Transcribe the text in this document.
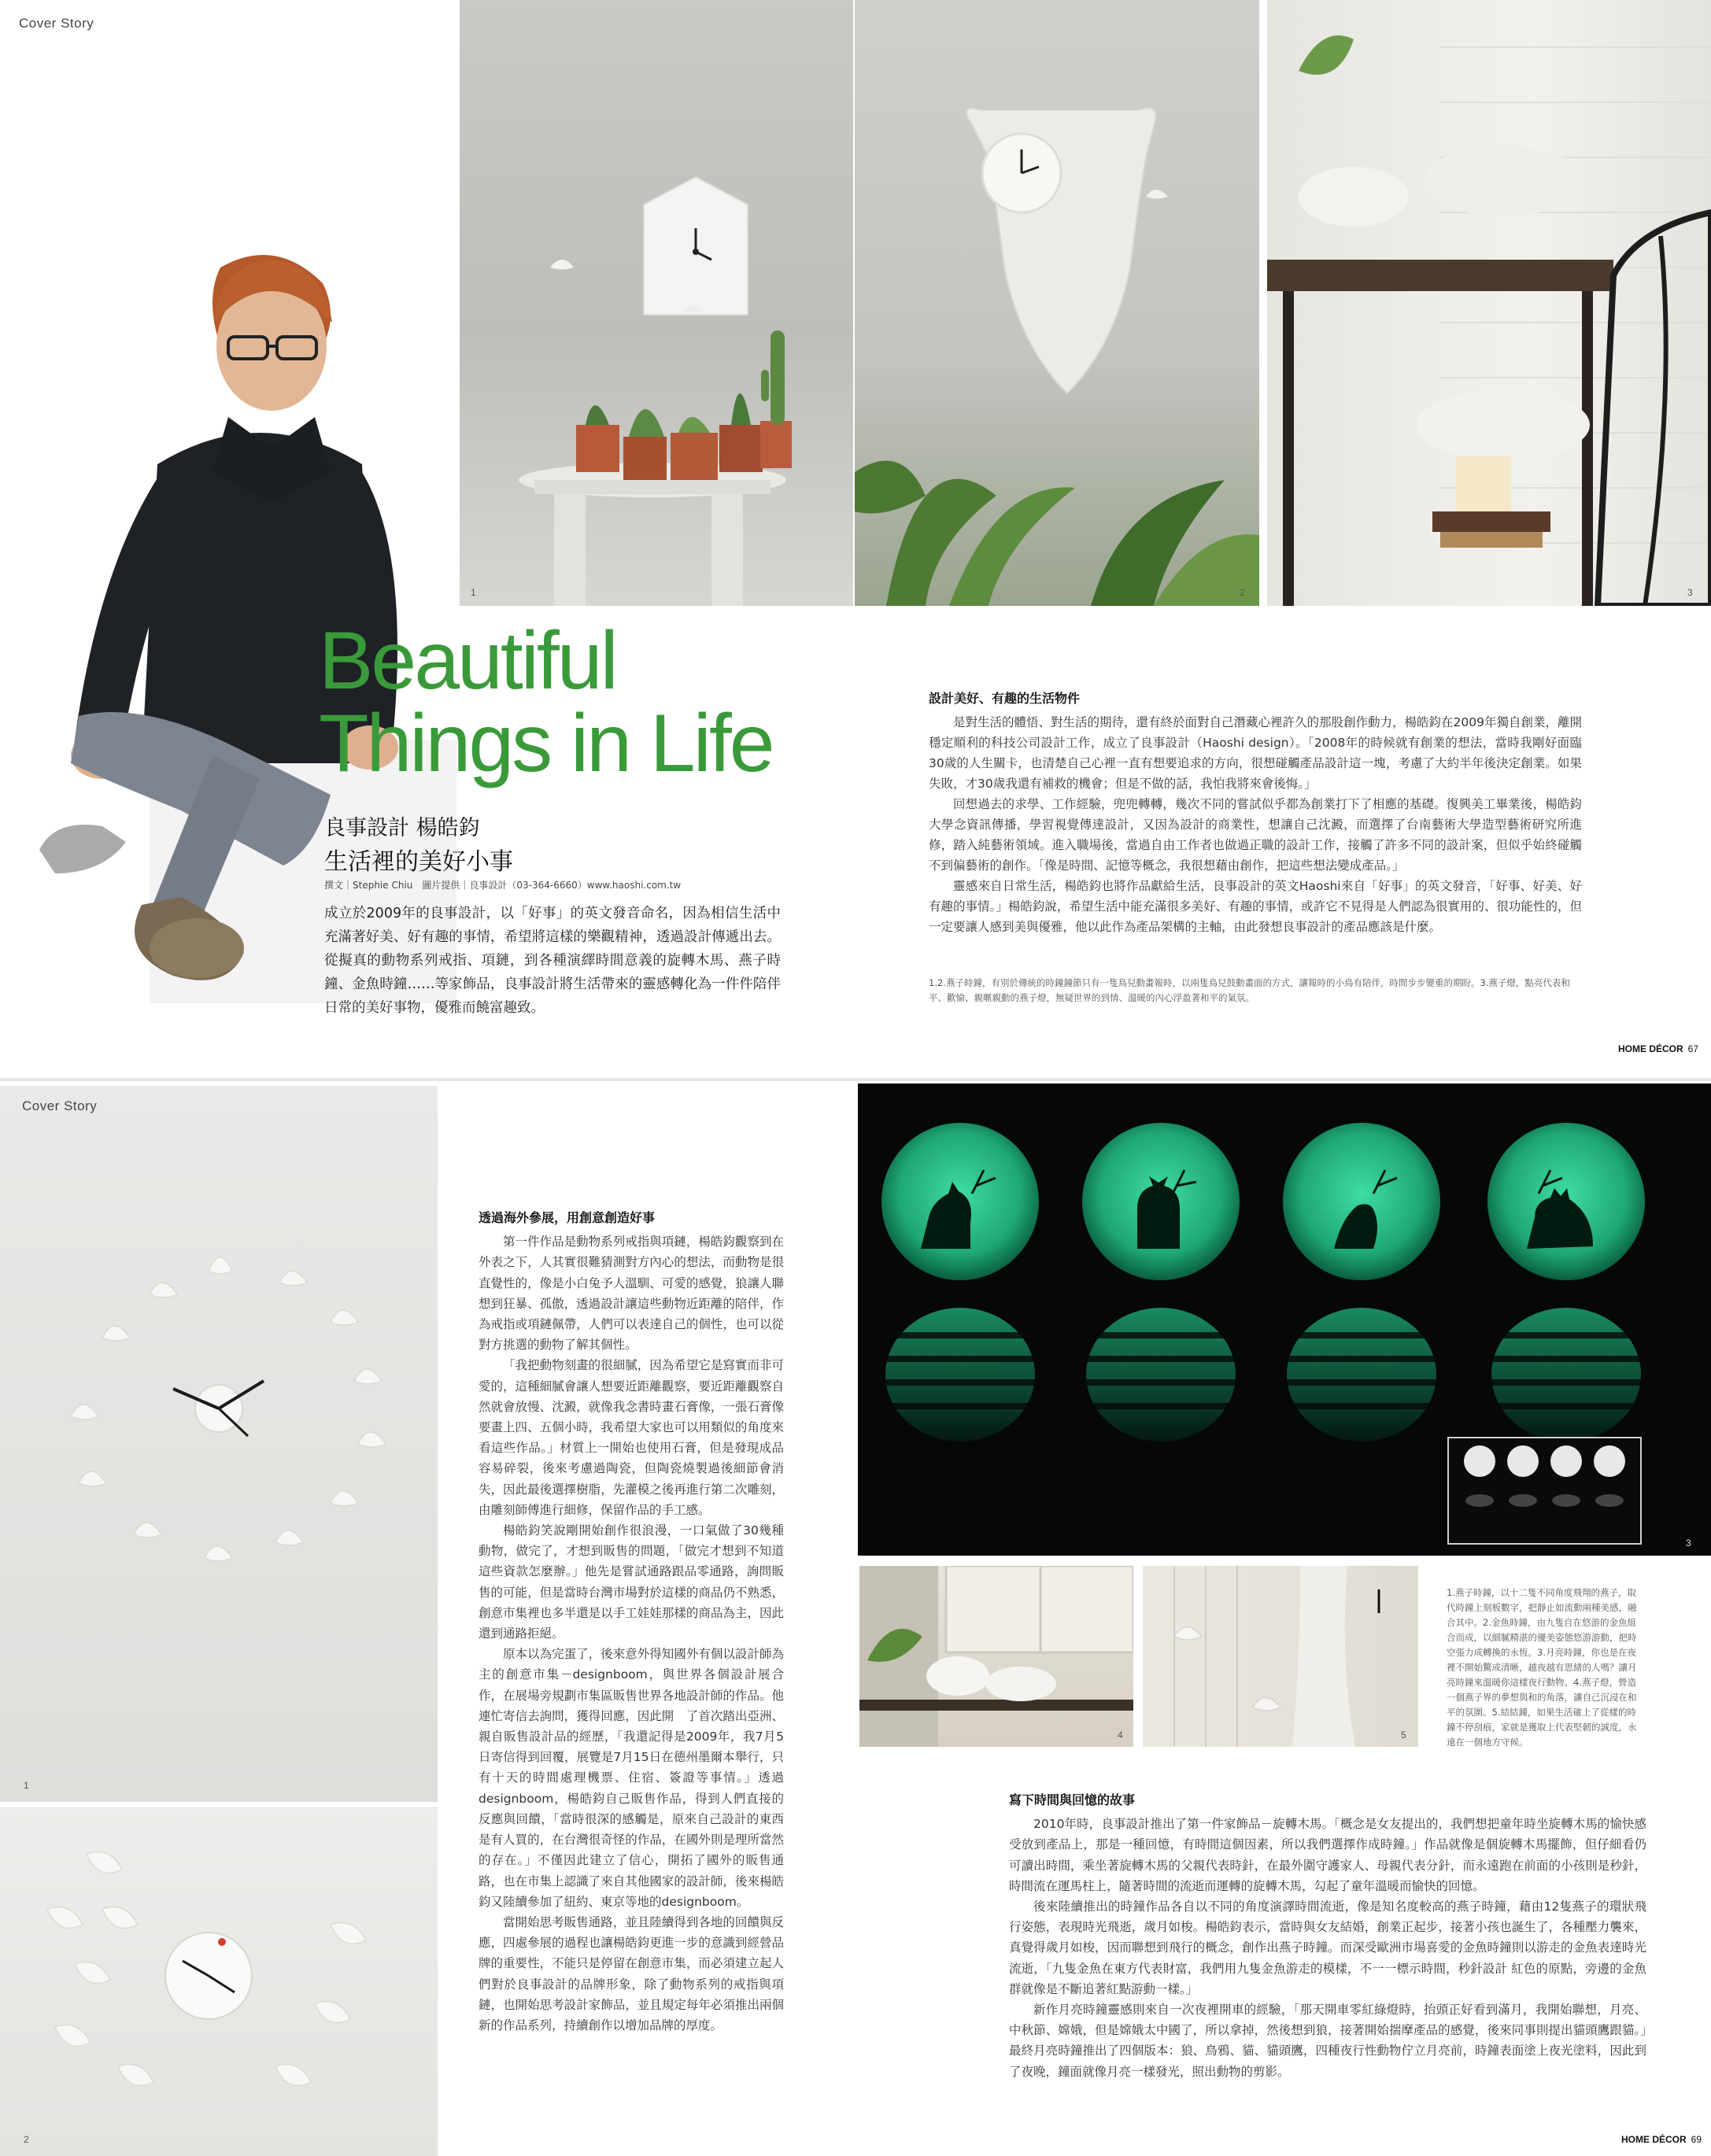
Cover Story
1	2	3
Beautiful
Things in Life
良事設計 楊皓鈞
生活裡的美好小事
撰文｜Stephie Chiu　圖片提供｜良事設計（03-364-6660）www.haoshi.com.tw
成立於2009年的良事設計，以「好事」的英文發音命名，因為相信生活中充滿著好美、好有趣的事情，希望將這樣的樂觀精神，透過設計傳遞出去。從擬真的動物系列戒指、項鏈，到各種演繹時間意義的旋轉木馬、燕子時鐘、金魚時鐘……等家飾品，良事設計將生活帶來的靈感轉化為一件件陪伴日常的美好事物，優雅而饒富趣致。
設計美好、有趣的生活物件

是對生活的體悟、對生活的期待，還有終於面對自己潛藏心裡許久的那股創作動力，楊皓鈞在2009年獨自創業，離開穩定順利的科技公司設計工作，成立了良事設計（Haoshi design）。「2008年的時候就有創業的想法，當時我剛好面臨30歲的人生關卡，也清楚自己心裡一直有想要追求的方向，很想碰觸產品設計這一塊，考慮了大約半年後決定創業。如果失敗，才30歲我還有補救的機會；但是不做的話，我怕我將來會後悔。」

回想過去的求學、工作經驗，兜兜轉轉，幾次不同的嘗試似乎都為創業打下了相應的基礎。復興美工畢業後，楊皓鈞大學念資訊傳播，學習視覺傳達設計，又因為設計的商業性，想讓自己沈澱，而選擇了台南藝術大學造型藝術研究所進修，踏入純藝術領域。進入職場後，當過自由工作者也做過正職的設計工作，接觸了許多不同的設計案，但似乎始終碰觸不到偏藝術的創作。「像是時間、記憶等概念，我很想藉由創作，把這些想法變成產品。」

靈感來自日常生活，楊皓鈞也將作品獻給生活，良事設計的英文Haoshi來自「好事」的英文發音，「好事、好美、好有趣的事情。」楊皓鈞說，希望生活中能充滿很多美好、有趣的事情，或許它不見得是人們認為很實用的、很功能性的，但一定要讓人感到美與優雅，他以此作為產品架構的主軸，由此發想良事設計的產品應該是什麼。

1.2.燕子時鐘，有別於傳統的時鐘鐘節只有一隻鳥兒動畫報時，以兩隻鳥兒鼓動畫面的方式，讓報時的小鳥有陪伴，時間步步變重的期盼。3.燕子燈，點亮代表和平、歡愉、親暱親動的燕子燈，無疑世界的到情、溫暖的內心浮盈著和平的氣氛。
HOME DÉCOR 67
1
Cover Story
2
透過海外參展，用創意創造好事

第一件作品是動物系列戒指與項鏈，楊皓鈞觀察到在外表之下，人其實很難猜測對方內心的想法，而動物是很直覺性的，像是小白兔予人溫馴、可愛的感覺，狼讓人聯想到狂暴、孤傲，透過設計讓這些動物近距離的陪伴，作為戒指或項鏈佩帶，人們可以表達自己的個性，也可以從對方挑選的動物了解其個性。

「我把動物刻畫的很細膩，因為希望它是寫實而非可愛的，這種細膩會讓人想要近距離觀察，要近距離觀察自然就會放慢、沈澱，就像我念書時畫石膏像，一張石膏像要畫上四、五個小時，我希望大家也可以用類似的角度來看這些作品。」材質上一開始也使用石膏，但是發現成品容易碎裂，後來考慮過陶瓷，但陶瓷燒製過後細節會消失，因此最後選擇樹脂，先灌模之後再進行第二次雕刻，由雕刻師傅進行細修，保留作品的手工感。

楊皓鈞笑說剛開始創作很浪漫，一口氣做了30幾種動物，做完了，才想到販售的問題，「做完才想到不知道這些資款怎麼辦。」他先是嘗試通路跟品零通路，詢問販售的可能，但是當時台灣市場對於這樣的商品仍不熟悉，創意市集裡也多半還是以手工娃娃那樣的商品為主，因此還到通路拒絕。

原本以為完蛋了，後來意外得知國外有個以設計師為主的創意市集－designboom，與世界各個設計展合作，在展場旁規劃市集區販售世界各地設計師的作品。他連忙寄信去詢問，獲得回應，因此開　了首次踏出亞洲、親自販售設計品的經歷，「我還記得是2009年，我7月5日寄信得到回覆，展覽是7月15日在德州墨爾本舉行，只有十天的時間處理機票、住宿、簽證等事情。」透過designboom，楊皓鈞自己販售作品，得到人們直接的反應與回饋，「當時很深的感觸是，原來自己設計的東西是有人買的，在台灣很奇怪的作品，在國外則是理所當然的存在。」不僅因此建立了信心，開拓了國外的販售通路，也在市集上認識了來自其他國家的設計師，後來楊皓鈞又陸續參加了紐約、東京等地的designboom。

當開始思考販售通路，並且陸續得到各地的回饋與反應，四處參展的過程也讓楊皓鈞更進一步的意識到經營品牌的重要性，不能只是停留在創意市集，而必須建立起人們對於良事設計的品牌形象，除了動物系列的戒指與項鏈，也開始思考設計家飾品，並且規定每年必須推出兩個新的作品系列，持續創作以增加品牌的厚度。

3
4	5
1.燕子時鐘，以十二隻不同角度飛翔的燕子，取代時鐘上刻板數字，把靜止如流動兩種美感，融合其中。2.金魚時鐘，由九隻自在悠游的金魚組合而成，以細膩精湛的優美姿態悠游游動，把時空張力成轉換的永恆。3.月亮時鐘，你也是在夜裡不開始驚或清晰，越夜越有思緒的人嗎？讓月亮時鐘來溫暖你這樣夜行動物。4.燕子燈，營造一個燕子界的夢想與和的角落，讓自己沉浸在和平的氛圍。5.結結鐘，如果生活確上了從樣的時鐘不停刮痕，家就是獲取上代表堅韌的誠度，永遠在一個地方守候。
寫下時間與回憶的故事

2010年時，良事設計推出了第一件家飾品－旋轉木馬。「概念是女友提出的，我們想把童年時坐旋轉木馬的愉快感受放到產品上，那是一種回憶，有時間這個因素，所以我們選擇作成時鐘。」作品就像是個旋轉木馬擺飾，但仔細看仍可讀出時間，乘坐著旋轉木馬的父親代表時針，在最外圍守護家人、母親代表分針，而永遠跑在前面的小孩則是秒針，時間流在運馬柱上，隨著時間的流逝而運轉的旋轉木馬，勾起了童年溫暖而愉快的回憶。

後來陸續推出的時鐘作品各自以不同的角度演譯時間流逝，像是知名度較高的燕子時鐘，藉由12隻燕子的環狀飛行姿態，表現時光飛逝，歲月如梭。楊皓鈞表示，當時與女友結婚，創業正起步，接著小孩也誕生了，各種壓力襲來，真覺得歲月如梭，因而聯想到飛行的概念，創作出燕子時鐘。而深受歐洲市場喜愛的金魚時鐘則以游走的金魚表達時光流逝，「九隻金魚在東方代表財富，我們用九隻金魚游走的模樣，不一一標示時間，秒針設計 紅色的原點，旁邊的金魚群就像是不斷追著紅點游動一樣。」

新作月亮時鐘靈感則來自一次夜裡開車的經驗，「那天開車零紅綠燈時，抬頭正好看到滿月，我開始聯想，月亮、中秋節、嫦娥，但是嫦娥太中國了，所以拿掉，然後想到狼，接著開始揣摩產品的感覺，後來同事則提出貓頭鷹跟貓。」最終月亮時鐘推出了四個版本：狼、鳥鴉、貓、貓頭鷹，四種夜行性動物佇立月亮前，時鐘表面塗上夜光塗料，因此到了夜晚，鐘面就像月亮一樣發光，照出動物的剪影。

HOME DÉCOR 69
